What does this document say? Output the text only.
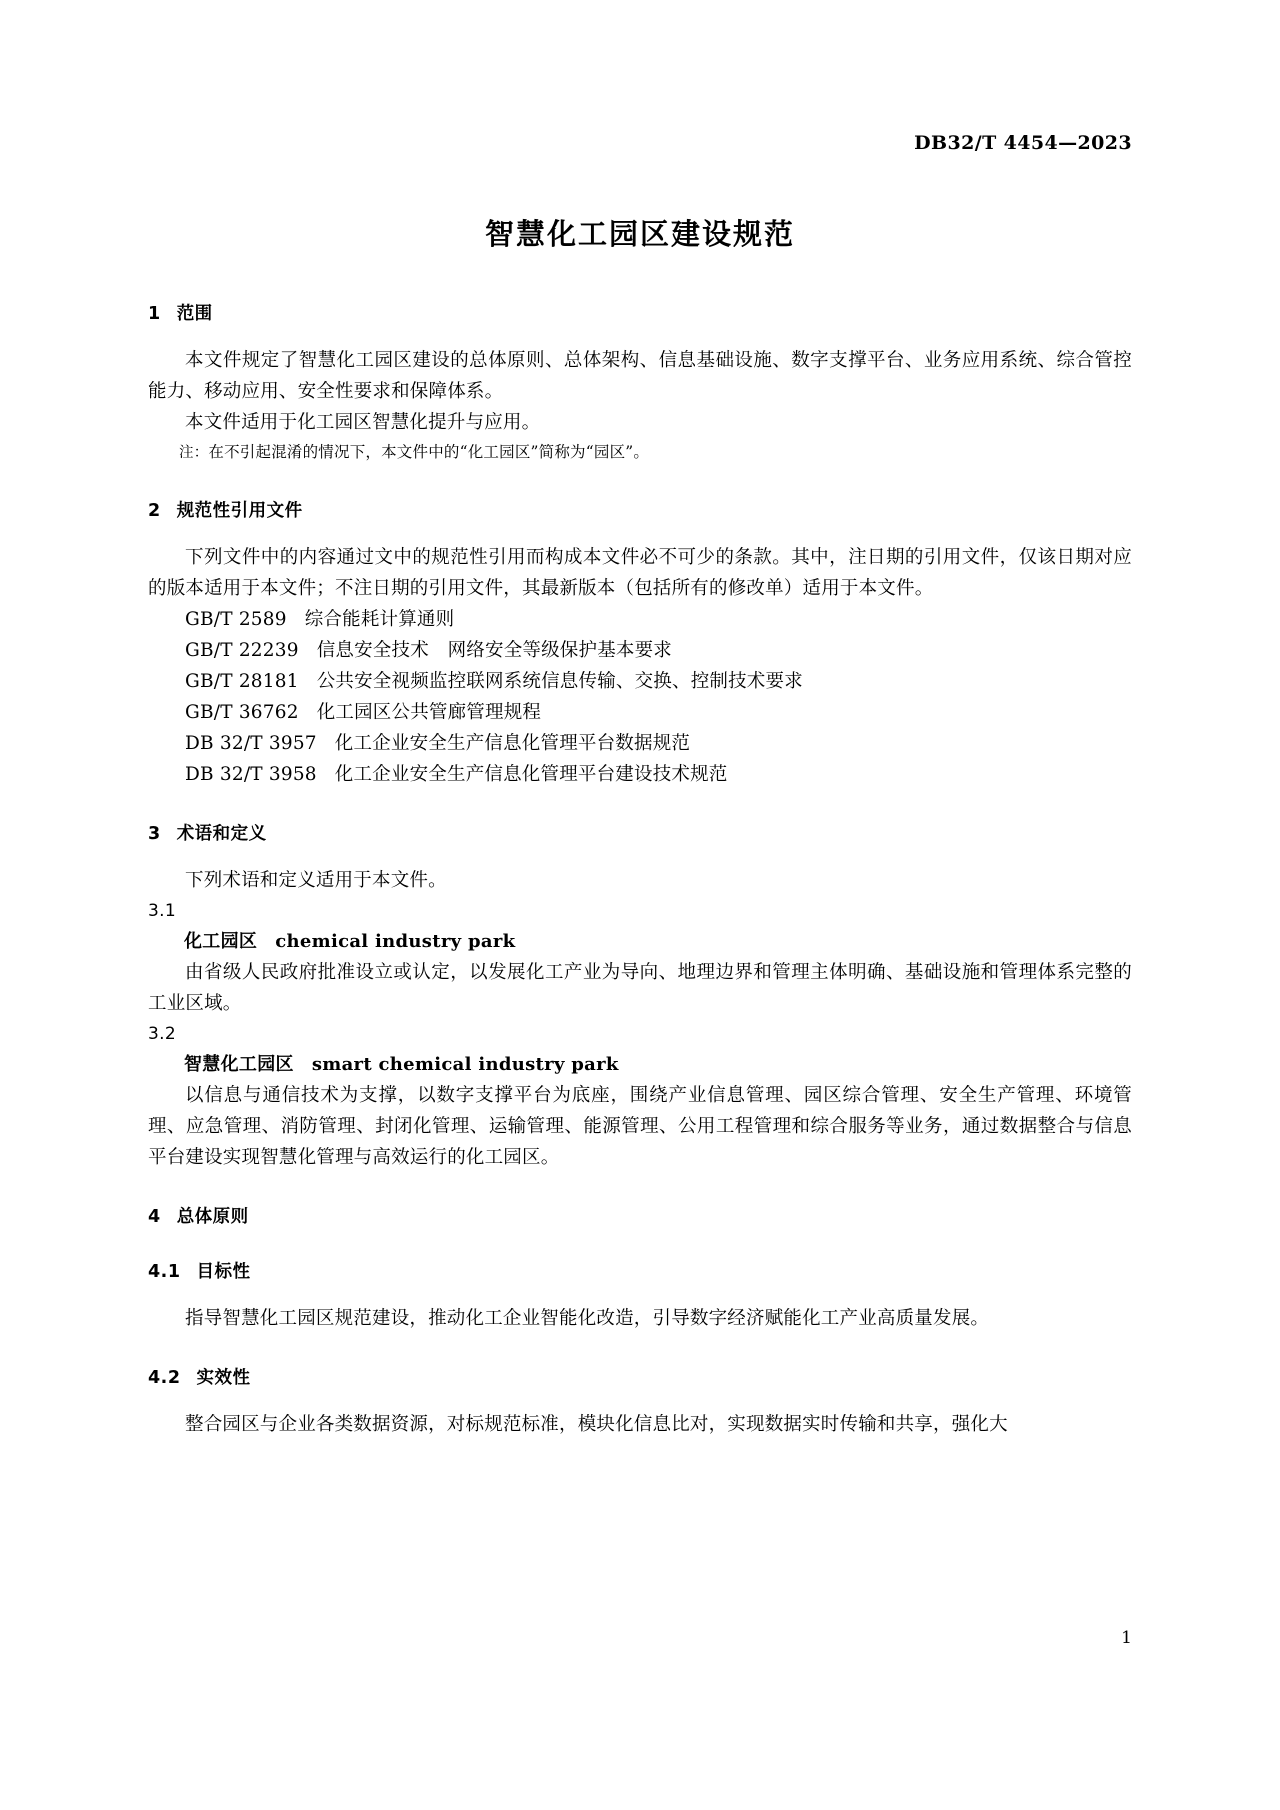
DB32/T 4454—2023
智慧化工园区建设规范
1 范围

本文件规定了智慧化工园区建设的总体原则、总体架构、信息基础设施、数字支撑平台、业务应用系统、综合管控能力、移动应用、安全性要求和保障体系。

本文件适用于化工园区智慧化提升与应用。

注：在不引起混淆的情况下，本文件中的“化工园区”简称为“园区”。
2 规范性引用文件

下列文件中的内容通过文中的规范性引用而构成本文件必不可少的条款。其中，注日期的引用文件，仅该日期对应的版本适用于本文件；不注日期的引用文件，其最新版本（包括所有的修改单）适用于本文件。

GB/T 2589 综合能耗计算通则
GB/T 22239 信息安全技术　网络安全等级保护基本要求
GB/T 28181 公共安全视频监控联网系统信息传输、交换、控制技术要求
GB/T 36762 化工园区公共管廊管理规程
DB 32/T 3957 化工企业安全生产信息化管理平台数据规范
DB 32/T 3958 化工企业安全生产信息化管理平台建设技术规范
3 术语和定义

下列术语和定义适用于本文件。

3.1
化工园区 chemical industry park

由省级人民政府批准设立或认定，以发展化工产业为导向、地理边界和管理主体明确、基础设施和管理体系完整的工业区域。

3.2
智慧化工园区 smart chemical industry park

以信息与通信技术为支撑，以数字支撑平台为底座，围绕产业信息管理、园区综合管理、安全生产管理、环境管理、应急管理、消防管理、封闭化管理、运输管理、能源管理、公用工程管理和综合服务等业务，通过数据整合与信息平台建设实现智慧化管理与高效运行的化工园区。

4 总体原则
4.1 目标性

指导智慧化工园区规范建设，推动化工企业智能化改造，引导数字经济赋能化工产业高质量发展。

4.2 实效性

整合园区与企业各类数据资源，对标规范标准，模块化信息比对，实现数据实时传输和共享，强化大

1
